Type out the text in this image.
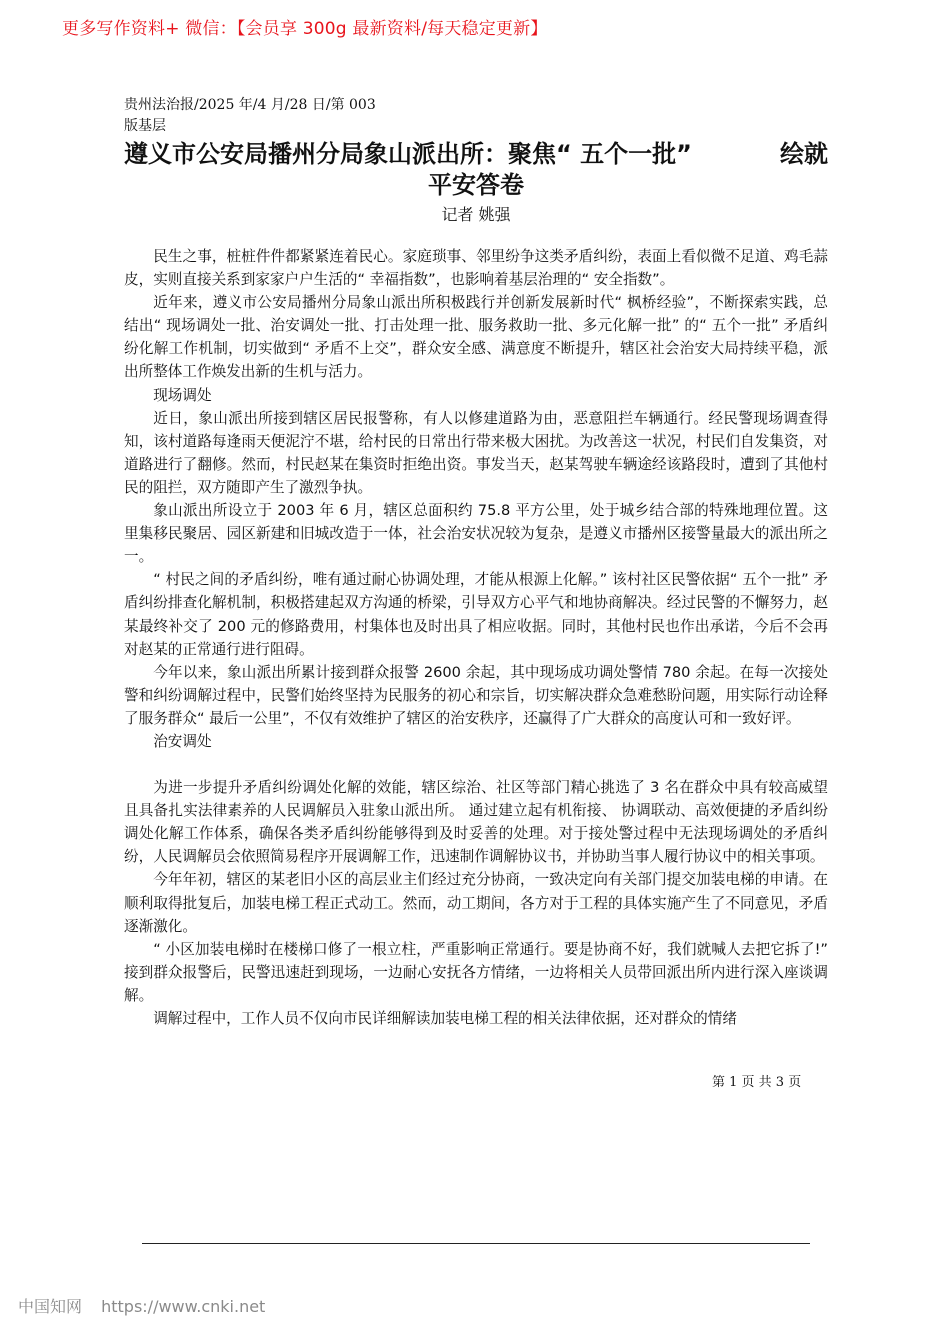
更多写作资料+ 微信：【会员享 300g 最新资料/每天稳定更新】
贵州法治报/2025 年/4 月/28 日/第 003
版基层
遵义市公安局播州分局象山派出所：聚焦“ 五个一批”	绘就
平安答卷
记者 姚强

民生之事，桩桩件件都紧紧连着民心。家庭琐事、邻里纷争这类矛盾纠纷，表面上看似微不足道、鸡毛蒜皮，实则直接关系到家家户户生活的“ 幸福指数”，也影响着基层治理的“ 安全指数”。

近年来，遵义市公安局播州分局象山派出所积极践行并创新发展新时代“ 枫桥经验”，不断探索实践，总结出“ 现场调处一批、治安调处一批、打击处理一批、服务救助一批、多元化解一批” 的“ 五个一批” 矛盾纠纷化解工作机制，切实做到“ 矛盾不上交”，群众安全感、满意度不断提升，辖区社会治安大局持续平稳，派出所整体工作焕发出新的生机与活力。

现场调处

近日，象山派出所接到辖区居民报警称，有人以修建道路为由，恶意阻拦车辆通行。经民警现场调查得知，该村道路每逢雨天便泥泞不堪，给村民的日常出行带来极大困扰。为改善这一状况，村民们自发集资，对道路进行了翻修。然而，村民赵某在集资时拒绝出资。事发当天，赵某驾驶车辆途经该路段时，遭到了其他村民的阻拦，双方随即产生了激烈争执。

象山派出所设立于 2003 年 6 月，辖区总面积约 75.8 平方公里，处于城乡结合部的特殊地理位置。这里集移民聚居、园区新建和旧城改造于一体，社会治安状况较为复杂，是遵义市播州区接警量最大的派出所之一。

“ 村民之间的矛盾纠纷，唯有通过耐心协调处理，才能从根源上化解。” 该村社区民警依据“ 五个一批” 矛盾纠纷排查化解机制，积极搭建起双方沟通的桥梁，引导双方心平气和地协商解决。经过民警的不懈努力，赵某最终补交了 200 元的修路费用，村集体也及时出具了相应收据。同时，其他村民也作出承诺，今后不会再对赵某的正常通行进行阻碍。

今年以来，象山派出所累计接到群众报警 2600 余起，其中现场成功调处警情 780 余起。在每一次接处警和纠纷调解过程中，民警们始终坚持为民服务的初心和宗旨，切实解决群众急难愁盼问题，用实际行动诠释了服务群众“ 最后一公里”，不仅有效维护了辖区的治安秩序，还赢得了广大群众的高度认可和一致好评。

治安调处

为进一步提升矛盾纠纷调处化解的效能，辖区综治、社区等部门精心挑选了 3 名在群众中具有较高威望且具备扎实法律素养的人民调解员入驻象山派出所。 通过建立起有机衔接、 协调联动、高效便捷的矛盾纠纷调处化解工作体系，确保各类矛盾纠纷能够得到及时妥善的处理。对于接处警过程中无法现场调处的矛盾纠纷，人民调解员会依照简易程序开展调解工作，迅速制作调解协议书，并协助当事人履行协议中的相关事项。

今年年初，辖区的某老旧小区的高层业主们经过充分协商，一致决定向有关部门提交加装电梯的申请。在顺利取得批复后，加装电梯工程正式动工。然而，动工期间，各方对于工程的具体实施产生了不同意见，矛盾逐渐激化。

“ 小区加装电梯时在楼梯口修了一根立柱，严重影响正常通行。要是协商不好，我们就喊人去把它拆了!” 接到群众报警后，民警迅速赶到现场，一边耐心安抚各方情绪，一边将相关人员带回派出所内进行深入座谈调解。

调解过程中，工作人员不仅向市民详细解读加装电梯工程的相关法律依据，还对群众的情绪

第 1 页 共 3 页
中国知网 https://www.cnki.net
